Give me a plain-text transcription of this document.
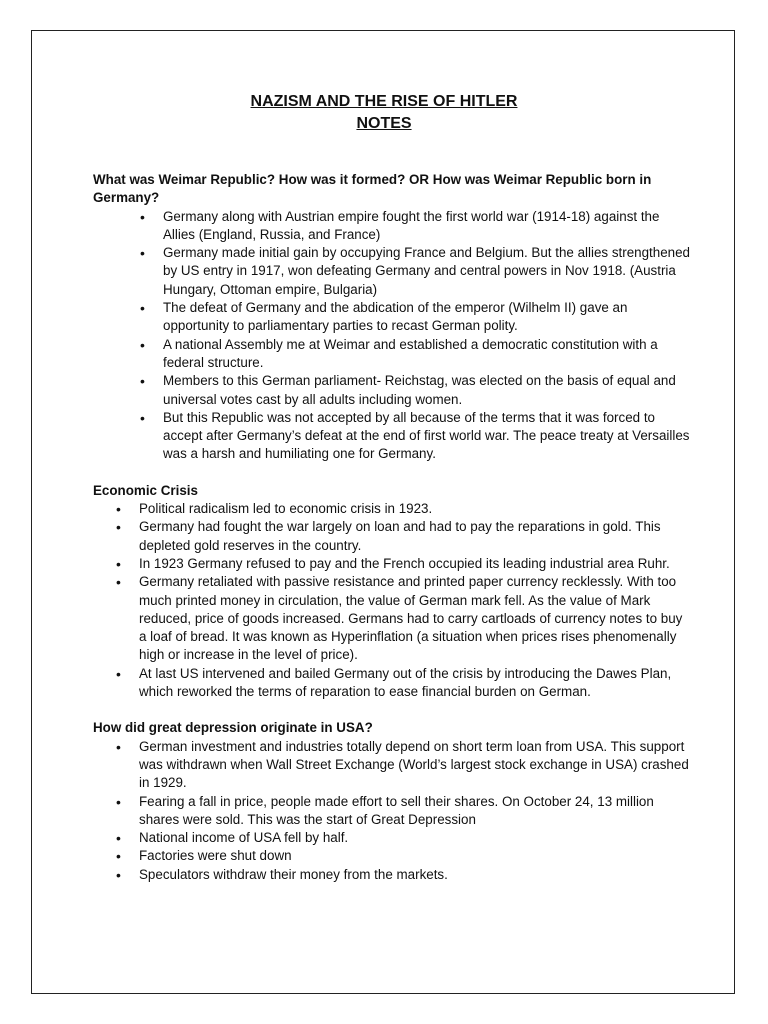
NAZISM AND THE RISE OF HITLER
NOTES

What was Weimar Republic? How was it formed? OR How was Weimar Republic born in Germany?

• Germany along with Austrian empire fought the first world war (1914-18) against the Allies (England, Russia, and France)
• Germany made initial gain by occupying France and Belgium. But the allies strengthened by US entry in 1917, won defeating Germany and central powers in Nov 1918. (Austria Hungary, Ottoman empire, Bulgaria)
• The defeat of Germany and the abdication of the emperor (Wilhelm II) gave an opportunity to parliamentary parties to recast German polity.
• A national Assembly me at Weimar and established a democratic constitution with a federal structure.
• Members to this German parliament- Reichstag, was elected on the basis of equal and universal votes cast by all adults including women.
• But this Republic was not accepted by all because of the terms that it was forced to accept after Germany’s defeat at the end of first world war. The peace treaty at Versailles was a harsh and humiliating one for Germany.

Economic Crisis

• Political radicalism led to economic crisis in 1923.
• Germany had fought the war largely on loan and had to pay the reparations in gold. This depleted gold reserves in the country.
• In 1923 Germany refused to pay and the French occupied its leading industrial area Ruhr.
• Germany retaliated with passive resistance and printed paper currency recklessly. With too much printed money in circulation, the value of German mark fell. As the value of Mark reduced, price of goods increased. Germans had to carry cartloads of currency notes to buy a loaf of bread. It was known as Hyperinflation (a situation when prices rises phenomenally high or increase in the level of price).
• At last US intervened and bailed Germany out of the crisis by introducing the Dawes Plan, which reworked the terms of reparation to ease financial burden on German.

How did great depression originate in USA?

• German investment and industries totally depend on short term loan from USA. This support was withdrawn when Wall Street Exchange (World’s largest stock exchange in USA) crashed in 1929.
• Fearing a fall in price, people made effort to sell their shares. On October 24, 13 million shares were sold. This was the start of Great Depression
• National income of USA fell by half.
• Factories were shut down
• Speculators withdraw their money from the markets.
